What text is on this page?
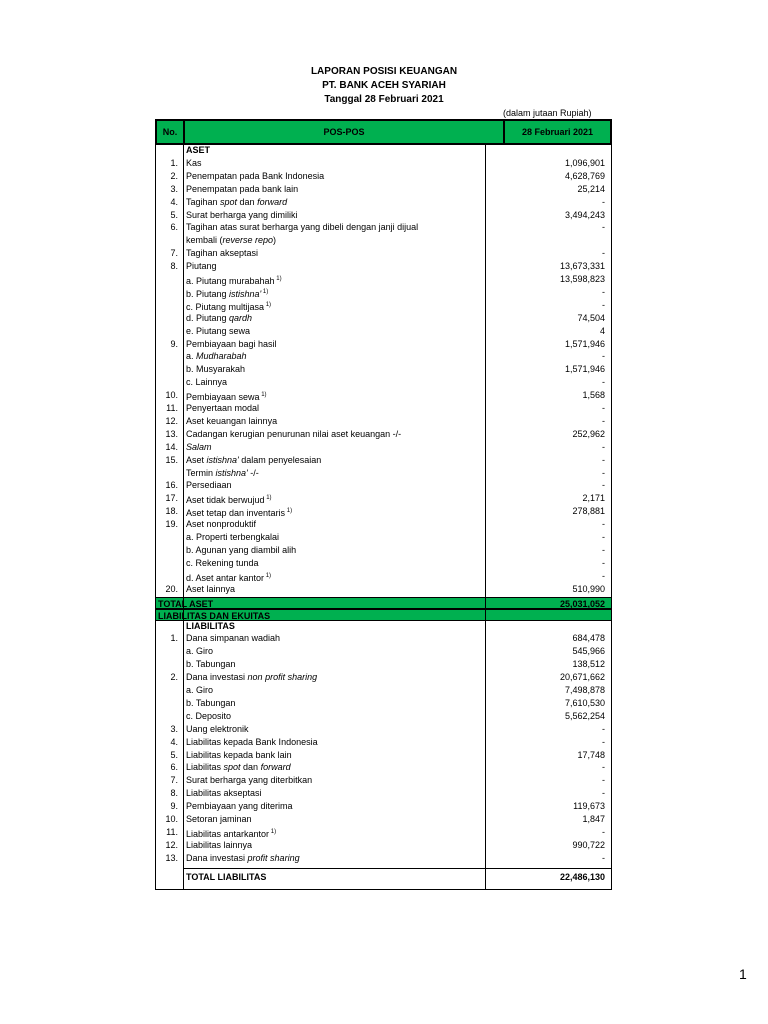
LAPORAN POSISI KEUANGAN
PT. BANK ACEH SYARIAH
Tanggal 28 Februari 2021
(dalam jutaan Rupiah)
No.	POS-POS	28 Februari 2021
ASET
1. Kas	1,096,901
2. Penempatan pada Bank Indonesia	4,628,769
3. Penempatan pada bank lain	25,214
4. Tagihan spot dan forward	-
5. Surat berharga yang dimiliki	3,494,243
6. Tagihan atas surat berharga yang dibeli dengan janji dijual	-
kembali (reverse repo)
7. Tagihan akseptasi	-
8. Piutang	13,673,331
a. Piutang murabahah $^{1)}$	13,598,823
b. Piutang istishna' $^{1)}$	-
c. Piutang multijasa $^{1)}$	-
d. Piutang qardh	74,504
e. Piutang sewa	4
9. Pembiayaan bagi hasil	1,571,946
a. Mudharabah	-
b. Musyarakah	1,571,946
c. Lainnya	-
10. Pembiayaan sewa $^{1)}$	1,568
11. Penyertaan modal	-
12. Aset keuangan lainnya	-
13. Cadangan kerugian penurunan nilai aset keuangan -/-	252,962
14. Salam	-
15. Aset istishna' dalam penyelesaian	-
Termin istishna' -/-	-
16. Persediaan	-
17. Aset tidak berwujud $^{1)}$	2,171
18. Aset tetap dan inventaris $^{1)}$	278,881
19. Aset nonproduktif	-
a. Properti terbengkalai	-
b. Agunan yang diambil alih	-
c. Rekening tunda	-
d. Aset antar kantor $^{1)}$	-
20. Aset lainnya	510,990
TOTAL ASET	25,031,052
LIABILITAS DAN EKUITAS
LIABILITAS
1. Dana simpanan wadiah	684,478
a. Giro	545,966
b. Tabungan	138,512
2. Dana investasi non profit sharing	20,671,662
a. Giro	7,498,878
b. Tabungan	7,610,530
c. Deposito	5,562,254
3. Uang elektronik	-
4. Liabilitas kepada Bank Indonesia	-
5. Liabilitas kepada bank lain	17,748
6. Liabilitas spot dan forward	-
7. Surat berharga yang diterbitkan	-
8. Liabilitas akseptasi	-
9. Pembiayaan yang diterima	119,673
10. Setoran jaminan	1,847
11. Liabilitas antarkantor $^{1)}$	-
12. Liabilitas lainnya	990,722
13. Dana investasi profit sharing	-
TOTAL LIABILITAS	22,486,130
1
